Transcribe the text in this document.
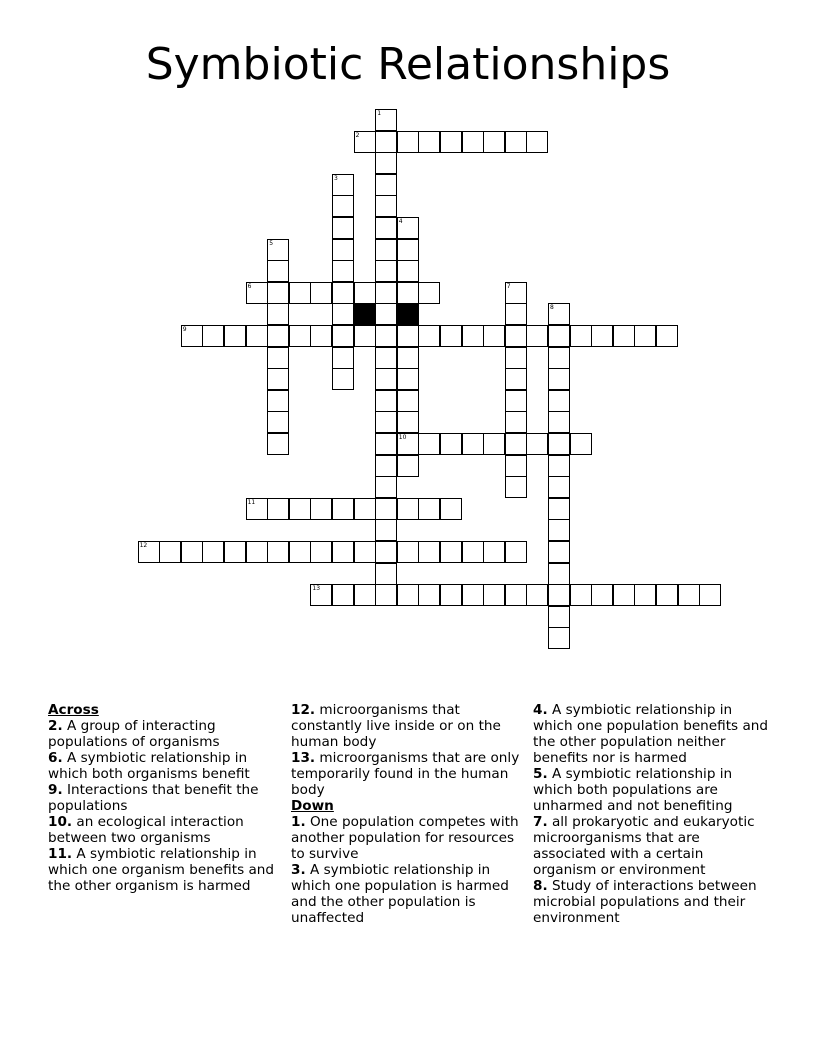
Symbiotic Relationships
1
2
3
4
10
5
6	7
8
9
11
12
13
Across
2. A group of interacting populations of organisms
6. A symbiotic relationship in which both organisms benefit
9. Interactions that benefit the populations
10. an ecological interaction between two organisms
11. A symbiotic relationship in which one organism benefits and the other organism is harmed
12. microorganisms that constantly live inside or on the human body
13. microorganisms that are only temporarily found in the human body
Down
1. One population competes with another population for resources to survive
3. A symbiotic relationship in which one population is harmed and the other population is unaffected
4. A symbiotic relationship in which one population benefits and the other population neither benefits nor is harmed
5. A symbiotic relationship in which both populations are unharmed and not benefiting
7. all prokaryotic and eukaryotic microorganisms that are associated with a certain organism or environment
8. Study of interactions between microbial populations and their environment
